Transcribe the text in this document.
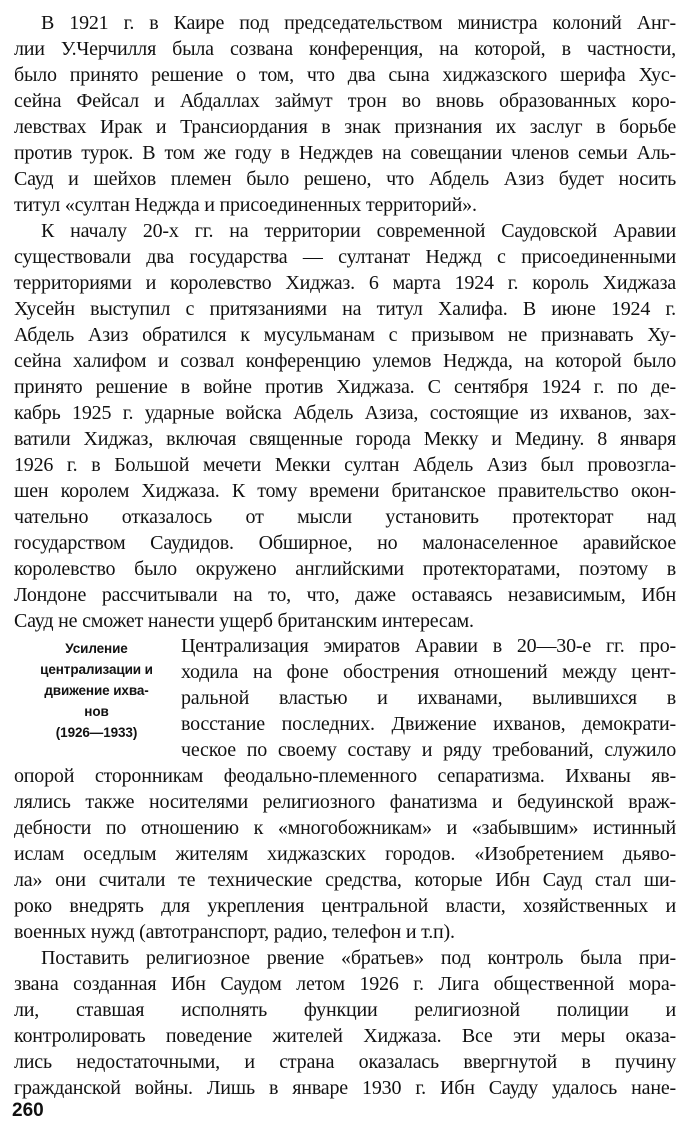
В 1921 г. в Каире под председательством министра колоний Анг-
лии У.Черчилля была созвана конференция, на которой, в частности,
было принято решение о том, что два сына хиджазского шерифа Хус-
сейна Фейсал и Абдаллах займут трон во вновь образованных коро-
левствах Ирак и Трансиордания в знак признания их заслуг в борьбе
против турок. В том же году в Недждев на совещании членов семьи Аль-
Сауд и шейхов племен было решено, что Абдель Азиз будет носить
титул «султан Неджда и присоединенных территорий».
К началу 20-х гг. на территории современной Саудовской Аравии
существовали два государства — султанат Неджд с присоединенными
территориями и королевство Хиджаз. 6 марта 1924 г. король Хиджаза
Хусейн выступил с притязаниями на титул Халифа. В июне 1924 г.
Абдель Азиз обратился к мусульманам с призывом не признавать Ху-
сейна халифом и созвал конференцию улемов Неджда, на которой было
принято решение в войне против Хиджаза. С сентября 1924 г. по де-
кабрь 1925 г. ударные войска Абдель Азиза, состоящие из ихванов, зах-
ватили Хиджаз, включая священные города Мекку и Медину. 8 января
1926 г. в Большой мечети Мекки султан Абдель Азиз был провозгла-
шен королем Хиджаза. К тому времени британское правительство окон-
чательно отказалось от мысли установить протекторат над
государством Саудидов. Обширное, но малонаселенное аравийское
королевство было окружено английскими протекторатами, поэтому в
Лондоне рассчитывали на то, что, даже оставаясь независимым, Ибн
Сауд не сможет нанести ущерб британским интересам.
Усиление
централизации и
движение ихва-
нов
(1926—1933)
Централизация эмиратов Аравии в 20—30-е гг. про-
ходила на фоне обострения отношений между цент-
ральной властью и ихванами, вылившихся в
восстание последних. Движение ихванов, демократи-
ческое по своему составу и ряду требований, служило
опорой сторонникам феодально-племенного сепаратизма. Ихваны яв-
лялись также носителями религиозного фанатизма и бедуинской враж-
дебности по отношению к «многобожникам» и «забывшим» истинный
ислам оседлым жителям хиджазских городов. «Изобретением дьяво-
ла» они считали те технические средства, которые Ибн Сауд стал ши-
роко внедрять для укрепления центральной власти, хозяйственных и
военных нужд (автотранспорт, радио, телефон и т.п).
Поставить религиозное рвение «братьев» под контроль была при-
звана созданная Ибн Саудом летом 1926 г. Лига общественной мора-
ли, ставшая исполнять функции религиозной полиции и
контролировать поведение жителей Хиджаза. Все эти меры оказа-
лись недостаточными, и страна оказалась ввергнутой в пучину
гражданской войны. Лишь в январе 1930 г. Ибн Сауду удалось нане-
260
